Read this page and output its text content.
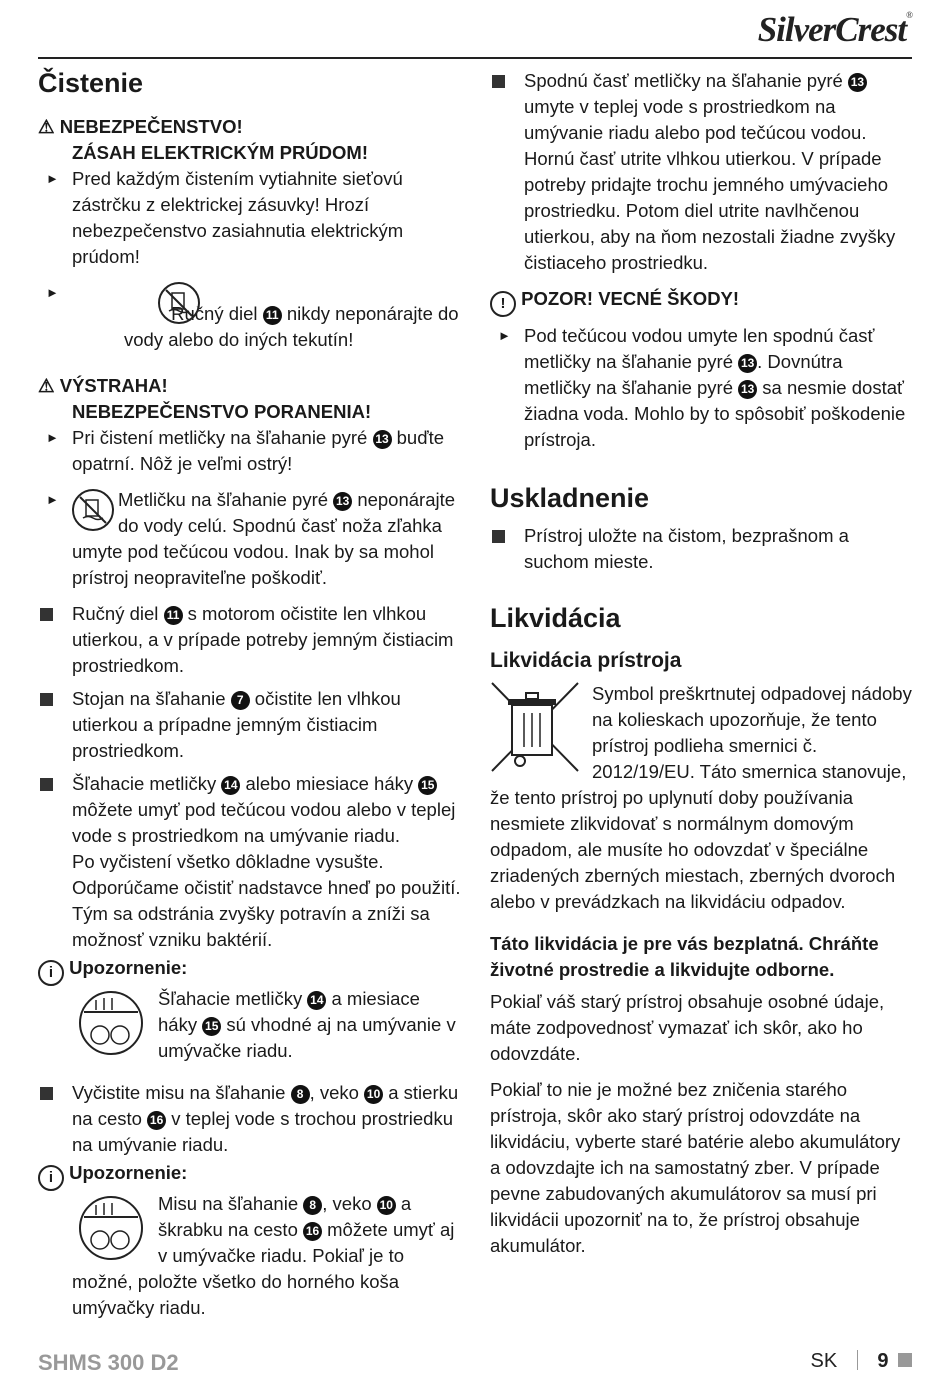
SilverCrest®
Čistenie
⚠ NEBEZPEČENSTVO!
ZÁSAH ELEKTRICKÝM PRÚDOM!
► Pred každým čistením vytiahnite sieťovú zástrčku z elektrickej zásuvky! Hrozí nebezpečenstvo zasiahnutia elektrickým prúdom!
►
Ručný diel 11 nikdy neponárajte do vody alebo do iných tekutín!
⚠ VÝSTRAHA!
NEBEZPEČENSTVO PORANENIA!
► Pri čistení metličky na šľahanie pyré 13 buďte opatrní. Nôž je veľmi ostrý!
►	Metličku na šľahanie pyré 13 neponárajte do vody celú. Spodnú časť noža zľahka umyte pod tečúcou vodou. Inak by sa mohol prístroj neopraviteľne poškodiť.
Ručný diel 11 s motorom očistite len vlhkou utierkou, a v prípade potreby jemným čistiacim prostriedkom.
Stojan na šľahanie 7 očistite len vlhkou utierkou a prípadne jemným čistiacim prostriedkom.
Šľahacie metličky 14 alebo miesiace háky 15 môžete umyť pod tečúcou vodou alebo v teplej vode s prostriedkom na umývanie riadu.
Po vyčistení všetko dôkladne vysušte. Odporúčame očistiť nadstavce hneď po použití. Tým sa odstránia zvyšky potravín a zníži sa možnosť vzniku baktérií.
i Upozornenie:
Šľahacie metličky 14 a miesiace háky 15 sú vhodné aj na umývanie v umývačke riadu.
Vyčistite misu na šľahanie 8 , veko 10 a stierku na cesto 16 v teplej vode s trochou prostriedku na umývanie riadu.
i Upozornenie:
Misu na šľahanie 8 , veko 10 a škrabku na cesto 16 môžete umyť aj v umývačke riadu. Pokiaľ je to možné, položte všetko do horného koša umývačky riadu.
Spodnú časť metličky na šľahanie pyré 13 umyte v teplej vode s prostriedkom na umývanie riadu alebo pod tečúcou vodou. Hornú časť utrite vlhkou utierkou. V prípade potreby pridajte trochu jemného umývacieho prostriedku. Potom diel utrite navlhčenou utierkou, aby na ňom nezostali žiadne zvyšky čistiaceho prostriedku.
! POZOR! VECNÉ ŠKODY!
► Pod tečúcou vodou umyte len spodnú časť metličky na šľahanie pyré 13 . Dovnútra metličky na šľahanie pyré 13 sa nesmie dostať žiadna voda. Mohlo by to spôsobiť poškodenie prístroja.
Uskladnenie
Prístroj uložte na čistom, bezprašnom a suchom mieste.
Likvidácia
Likvidácia prístroja

Symbol preškrtnutej odpadovej nádoby na kolieskach upozorňuje, že tento prístroj podlieha smernici č. 2012/19/EU. Táto smernica stanovuje, že tento prístroj po uplynutí doby používania nesmiete zlikvidovať s normálnym domovým odpadom, ale musíte ho odovzdať v špeciálne zriadených zberných miestach, zberných dvoroch alebo v prevádzkach na likvidáciu odpadov.

Táto likvidácia je pre vás bezplatná. Chráňte životné prostredie a likvidujte odborne.

Pokiaľ váš starý prístroj obsahuje osobné údaje, máte zodpovednosť vymazať ich skôr, ako ho odovzdáte.

Pokiaľ to nie je možné bez zničenia starého prístroja, skôr ako starý prístroj odovzdáte na likvidáciu, vyberte staré batérie alebo akumulátory a odovzdajte ich na samostatný zber. V prípade pevne zabudovaných akumulátorov sa musí pri likvidácii upozorniť na to, že prístroj obsahuje akumulátor.

SHMS 300 D2	SK 9
